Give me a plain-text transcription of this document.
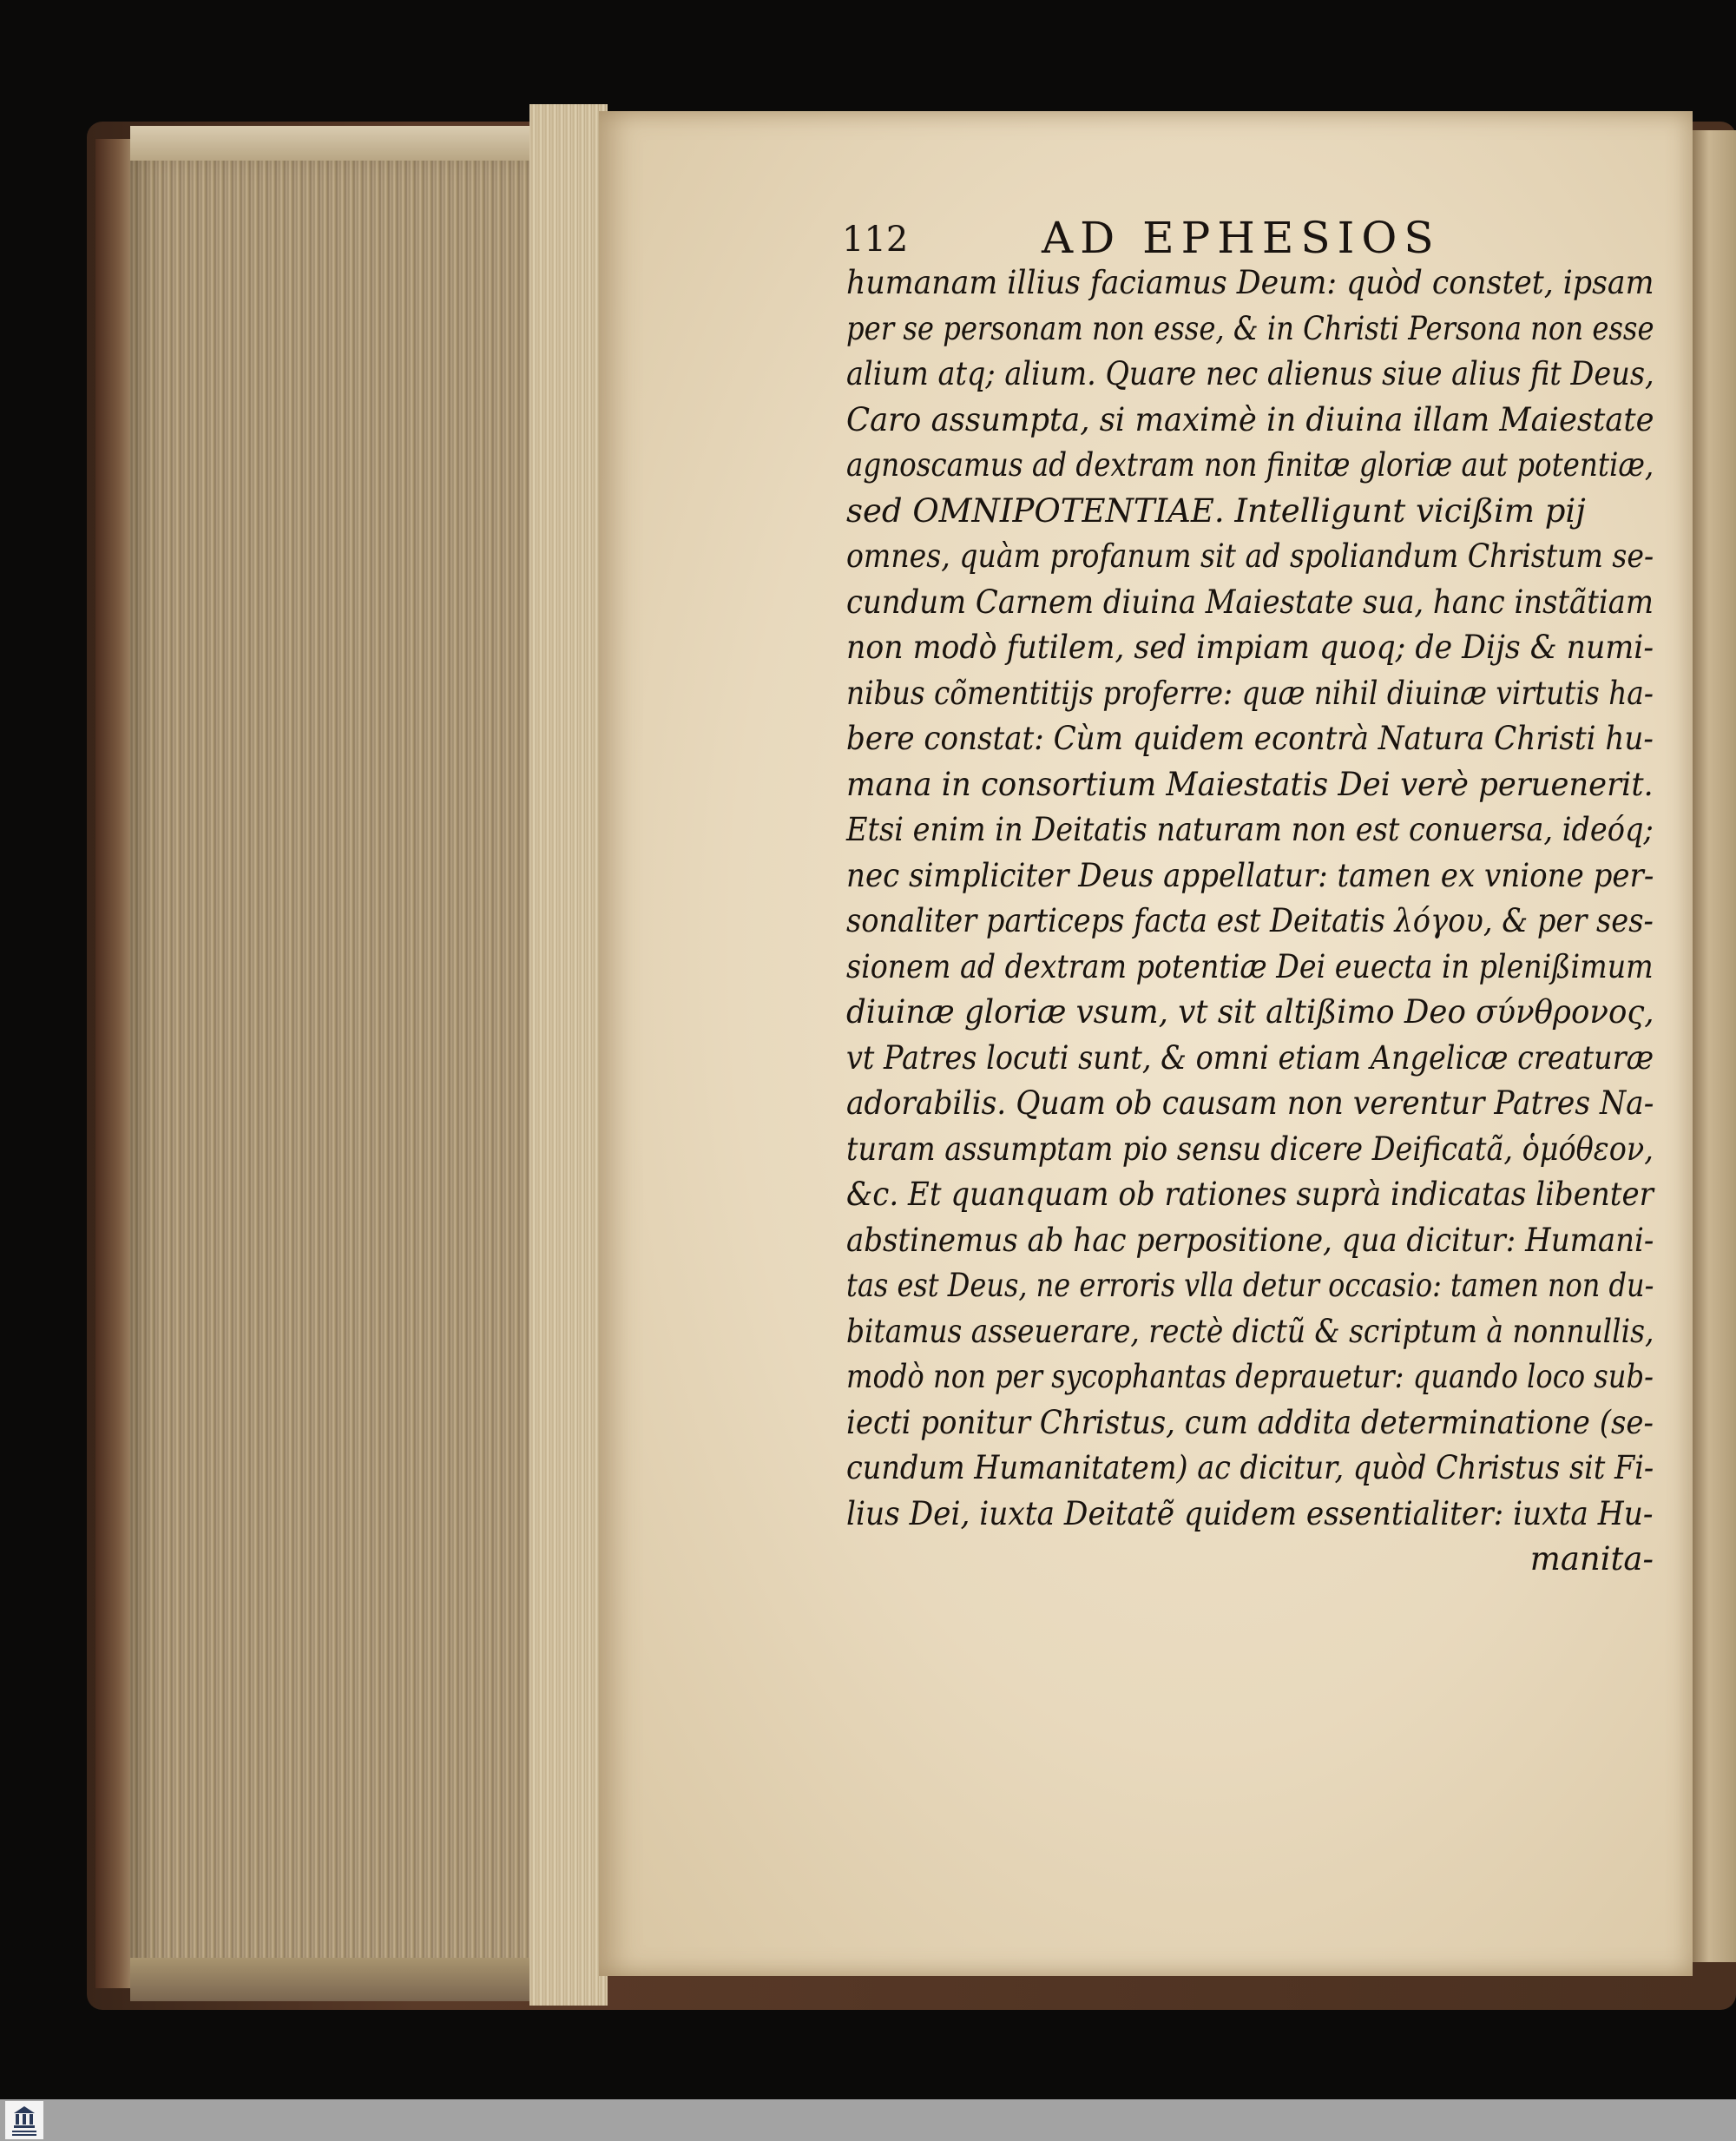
112	AD EPHESIOS
humanam illius faciamus Deum: quòd constet, ipsam
per se personam non esse, & in Christi Persona non esse
alium atq; alium. Quare nec alienus siue alius fit Deus,
Caro assumpta, si maximè in diuina illam Maiestate
agnoscamus ad dextram non finitæ gloriæ aut potentiæ,
sed OMNIPOTENTIAE. Intelligunt vicißim pij
omnes, quàm profanum sit ad spoliandum Christum se-
cundum Carnem diuina Maiestate sua, hanc instãtiam
non modò futilem, sed impiam quoq; de Dijs & numi-
nibus cõmentitijs proferre: quæ nihil diuinæ virtutis ha-
bere constat: Cùm quidem econtrà Natura Christi hu-
mana in consortium Maiestatis Dei verè peruenerit.
Etsi enim in Deitatis naturam non est conuersa, ideóq;
nec simpliciter Deus appellatur: tamen ex vnione per-
sonaliter particeps facta est Deitatis λόγου, & per ses-
sionem ad dextram potentiæ Dei euecta in plenißimum
diuinæ gloriæ vsum, vt sit altißimo Deo σύνθρονος,
vt Patres locuti sunt, & omni etiam Angelicæ creaturæ
adorabilis. Quam ob causam non verentur Patres Na-
turam assumptam pio sensu dicere Deificatã, ὁμόθεον,
&c. Et quanquam ob rationes suprà indicatas libenter
abstinemus ab hac perpositione, qua dicitur: Humani-
tas est Deus, ne erroris vlla detur occasio: tamen non du-
bitamus asseuerare, rectè dictũ & scriptum à nonnullis,
modò non per sycophantas deprauetur: quando loco sub-
iecti ponitur Christus, cum addita determinatione (se-
cundum Humanitatem) ac dicitur, quòd Christus sit Fi-
lius Dei, iuxta Deitatẽ quidem essentialiter: iuxta Hu-
manita-
